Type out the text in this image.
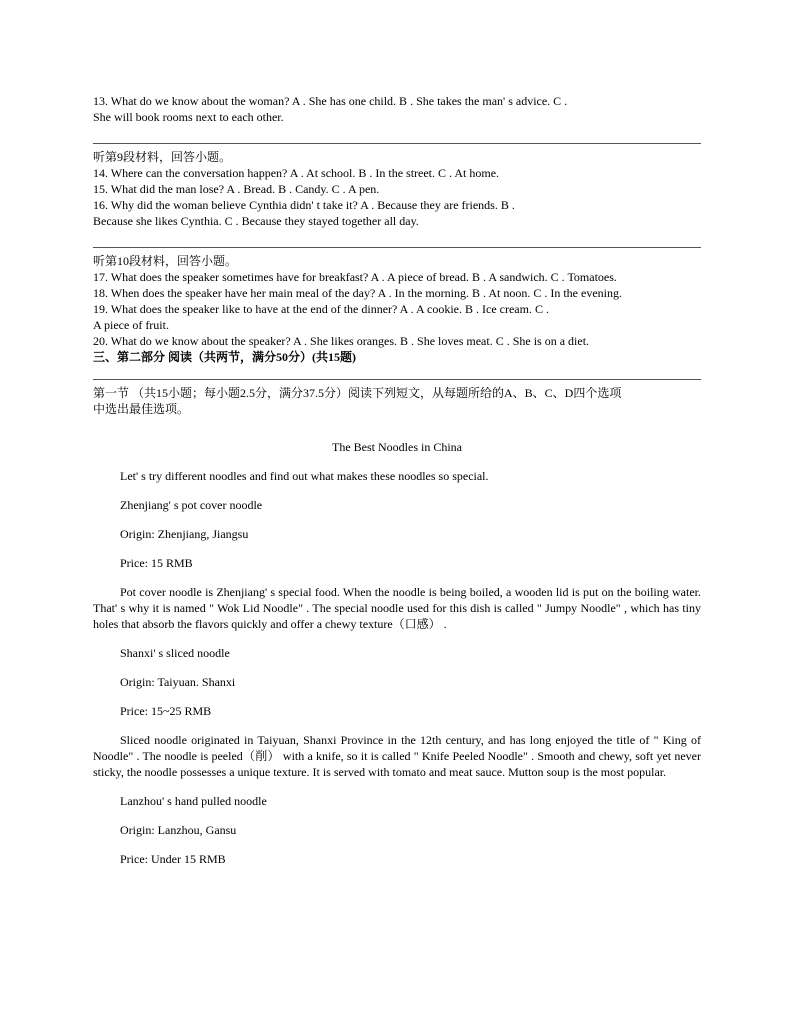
13. What do we know about the woman? A . She has one child. B . She takes the man' s advice. C .

She will book rooms next to each other.

听第9段材料，回答小题。

14. Where can the conversation happen? A . At school. B . In the street. C . At home.

15. What did the man lose? A . Bread. B . Candy. C . A pen.

16. Why did the woman believe Cynthia didn' t take it? A . Because they are friends. B .

Because she likes Cynthia. C . Because they stayed together all day.

听第10段材料，回答小题。

17. What does the speaker sometimes have for breakfast? A . A piece of bread. B . A sandwich. C . Tomatoes.

18. When does the speaker have her main meal of the day? A . In the morning. B . At noon. C . In the evening.

19. What does the speaker like to have at the end of the dinner? A . A cookie. B . Ice cream. C .

A piece of fruit.

20. What do we know about the speaker? A . She likes oranges. B . She loves meat. C . She is on a diet.

三、第二部分 阅读（共两节，满分50分）(共15题)

第一节 （共15小题；每小题2.5分，满分37.5分）阅读下列短文，从每题所给的A、B、C、D四个选项

中选出最佳选项。

The Best Noodles in China

Let' s try different noodles and find out what makes these noodles so special.

Zhenjiang' s pot cover noodle

Origin: Zhenjiang, Jiangsu

Price: 15 RMB

Pot cover noodle is Zhenjiang' s special food. When the noodle is being boiled, a wooden lid is put on the boiling water. That' s why it is named " Wok Lid Noodle" . The special noodle used for this dish is called " Jumpy Noodle" , which has tiny holes that absorb the flavors quickly and offer a chewy texture（口感） .

Shanxi' s sliced noodle

Origin: Taiyuan. Shanxi

Price: 15~25 RMB

Sliced noodle originated in Taiyuan, Shanxi Province in the 12th century, and has long enjoyed the title of " King of Noodle" . The noodle is peeled（削） with a knife, so it is called " Knife Peeled Noodle" . Smooth and chewy, soft yet never sticky, the noodle possesses a unique texture. It is served with tomato and meat sauce. Mutton soup is the most popular.

Lanzhou' s hand pulled noodle

Origin: Lanzhou, Gansu

Price: Under 15 RMB
